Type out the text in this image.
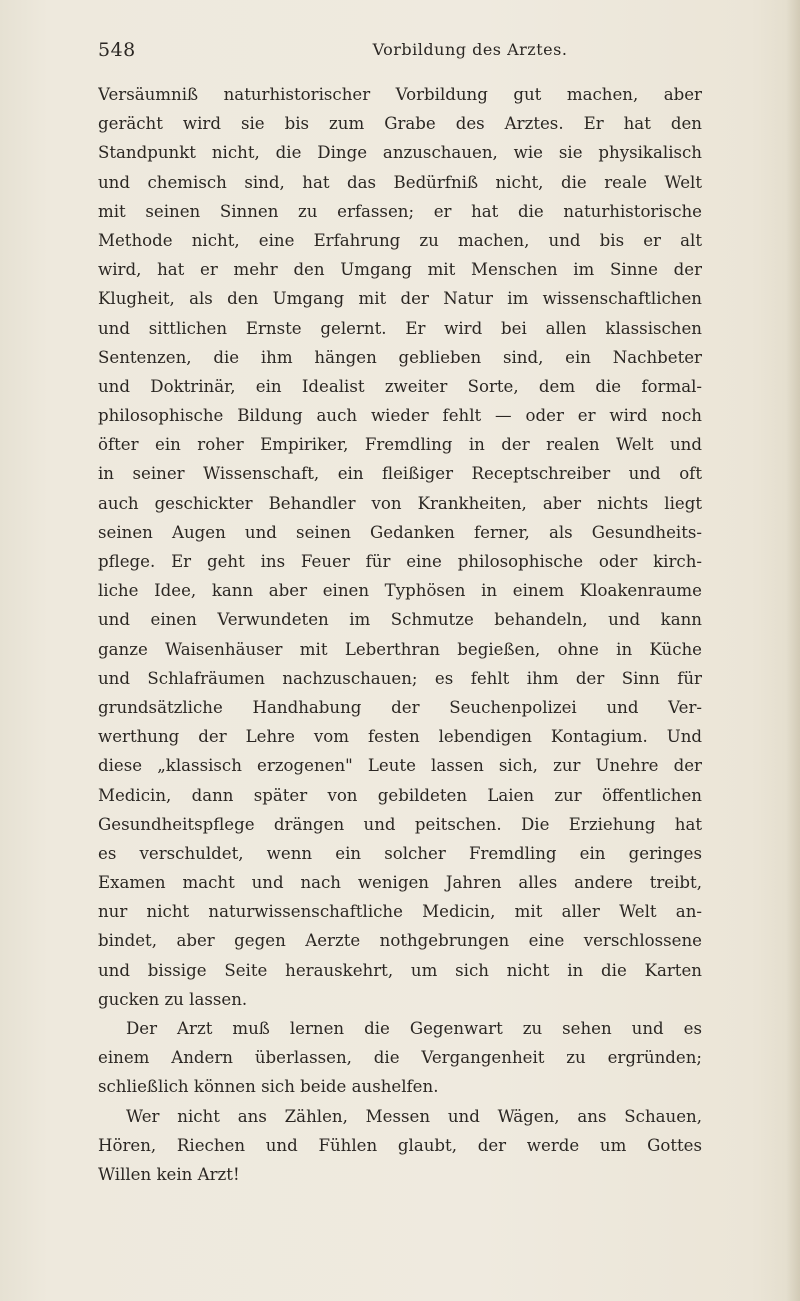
548	Vorbildung des Arztes.
Versäumniß naturhistorischer Vorbildung gut machen, aber
gerächt wird sie bis zum Grabe des Arztes. Er hat den
Standpunkt nicht, die Dinge anzuschauen, wie sie physikalisch
und chemisch sind, hat das Bedürfniß nicht, die reale Welt
mit seinen Sinnen zu erfassen; er hat die naturhistorische
Methode nicht, eine Erfahrung zu machen, und bis er alt
wird, hat er mehr den Umgang mit Menschen im Sinne der
Klugheit, als den Umgang mit der Natur im wissenschaftlichen
und sittlichen Ernste gelernt. Er wird bei allen klassischen
Sentenzen, die ihm hängen geblieben sind, ein Nachbeter
und Doktrinär, ein Idealist zweiter Sorte, dem die formal-
philosophische Bildung auch wieder fehlt — oder er wird noch
öfter ein roher Empiriker, Fremdling in der realen Welt und
in seiner Wissenschaft, ein fleißiger Receptschreiber und oft
auch geschickter Behandler von Krankheiten, aber nichts liegt
seinen Augen und seinen Gedanken ferner, als Gesundheits-
pflege. Er geht ins Feuer für eine philosophische oder kirch-
liche Idee, kann aber einen Typhösen in einem Kloakenraume
und einen Verwundeten im Schmutze behandeln, und kann
ganze Waisenhäuser mit Leberthran begießen, ohne in Küche
und Schlafräumen nachzuschauen; es fehlt ihm der Sinn für
grundsätzliche Handhabung der Seuchenpolizei und Ver-
werthung der Lehre vom festen lebendigen Kontagium. Und
diese „klassisch erzogenen" Leute lassen sich, zur Unehre der
Medicin, dann später von gebildeten Laien zur öffentlichen
Gesundheitspflege drängen und peitschen. Die Erziehung hat
es verschuldet, wenn ein solcher Fremdling ein geringes
Examen macht und nach wenigen Jahren alles andere treibt,
nur nicht naturwissenschaftliche Medicin, mit aller Welt an-
bindet, aber gegen Aerzte nothgebrungen eine verschlossene
und bissige Seite herauskehrt, um sich nicht in die Karten
gucken zu lassen.
Der Arzt muß lernen die Gegenwart zu sehen und es
einem Andern überlassen, die Vergangenheit zu ergründen;
schließlich können sich beide aushelfen.
Wer nicht ans Zählen, Messen und Wägen, ans Schauen,
Hören, Riechen und Fühlen glaubt, der werde um Gottes
Willen kein Arzt!
